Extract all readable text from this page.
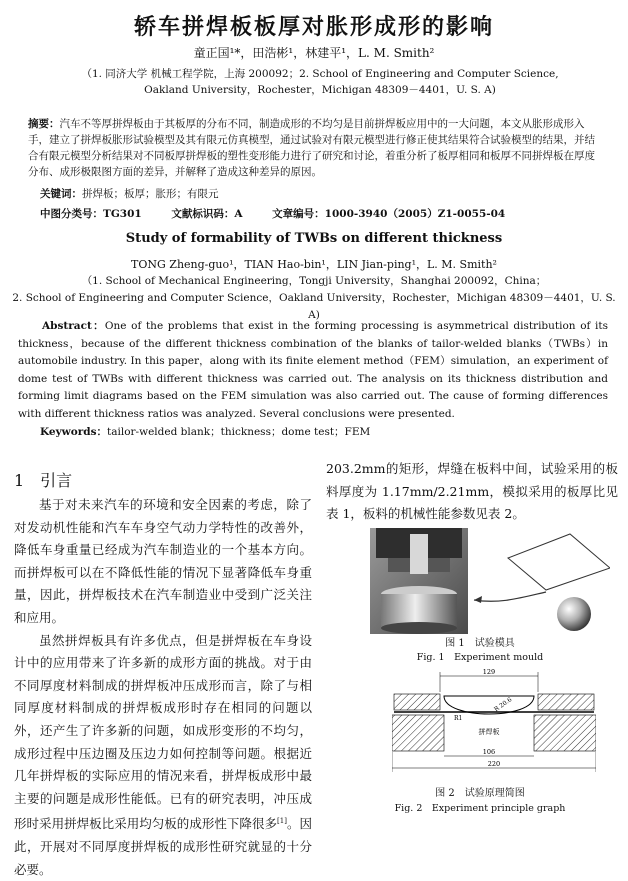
轿车拼焊板板厚对胀形成形的影响
童正国¹*，田浩彬¹，林建平¹，L. M. Smith²
（1. 同济大学 机械工程学院，上海 200092；2. School of Engineering and Computer Science,
Oakland University，Rochester，Michigan 48309－4401，U. S. A)
摘要：汽车不等厚拼焊板由于其板厚的分布不同，制造成形的不均匀是目前拼焊板应用中的一大问题，本文从胀形成形入手，建立了拼焊板胀形试验模型及其有限元仿真模型，通过试验对有限元模型进行修正使其结果符合试验模型的结果，并结合有限元模型分析结果对不同板厚拼焊板的塑性变形能力进行了研究和讨论，着重分析了板厚相同和板厚不同拼焊板在厚度分布、成形极限图方面的差异，并解释了造成这种差异的原因。
关键词：拼焊板；板厚；胀形；有限元
中图分类号：TG301	文献标识码：A	文章编号：1000-3940（2005）Z1-0055-04
Study of formability of TWBs on different thickness
TONG Zheng-guo¹，TIAN Hao-bin¹，LIN Jian-ping¹，L. M. Smith²
（1. School of Mechanical Engineering，Tongji University，Shanghai 200092，China；
2. School of Engineering and Computer Science，Oakland University，Rochester，Michigan 48309－4401，U. S. A)
Abstract：One of the problems that exist in the forming processing is asymmetrical distribution of its thickness，because of the different thickness combination of the blanks of tailor-welded blanks（TWBs）in automobile industry. In this paper，along with its finite element method（FEM）simulation，an experiment of dome test of TWBs with different thickness was carried out. The analysis on its thickness distribution and forming limit diagrams based on the FEM simulation was also carried out. The cause of forming differences with different thickness ratios was analyzed. Several conclusions were presented.
Keywords：tailor-welded blank；thickness；dome test；FEM
1　引言

基于对未来汽车的环境和安全因素的考虑，除了对发动机性能和汽车车身空气动力学特性的改善外，降低车身重量已经成为汽车制造业的一个基本方向。而拼焊板可以在不降低性能的情况下显著降低车身重量，因此，拼焊板技术在汽车制造业中受到广泛关注和应用。

虽然拼焊板具有许多优点，但是拼焊板在车身设计中的应用带来了许多新的成形方面的挑战。对于由不同厚度材料制成的拼焊板冲压成形而言，除了与相同厚度材料制成的拼焊板成形时存在相同的问题以外，还产生了许多新的问题，如成形变形的不均匀，成形过程中压边圈及压边力如何控制等问题。根据近几年拼焊板的实际应用的情况来看，拼焊板成形中最主要的问题是成形性能低。已有的研究表明，冲压成形时采用拼焊板比采用均匀板的成形性下降很多[1]。因此，开展对不同厚度拼焊板的成形性研究就显的十分必要。

203.2mm的矩形，焊缝在板料中间，试验采用的板料厚度为 1.17mm/2.21mm，模拟采用的板厚比见表 1，板料的机械性能参数见表 2。

图 1　试验模具
Fig. 1　Experiment mould
129
R 20.6
R1
拼焊板
106
220
图 2　试验原理简图
Fig. 2　Experiment principle graph
